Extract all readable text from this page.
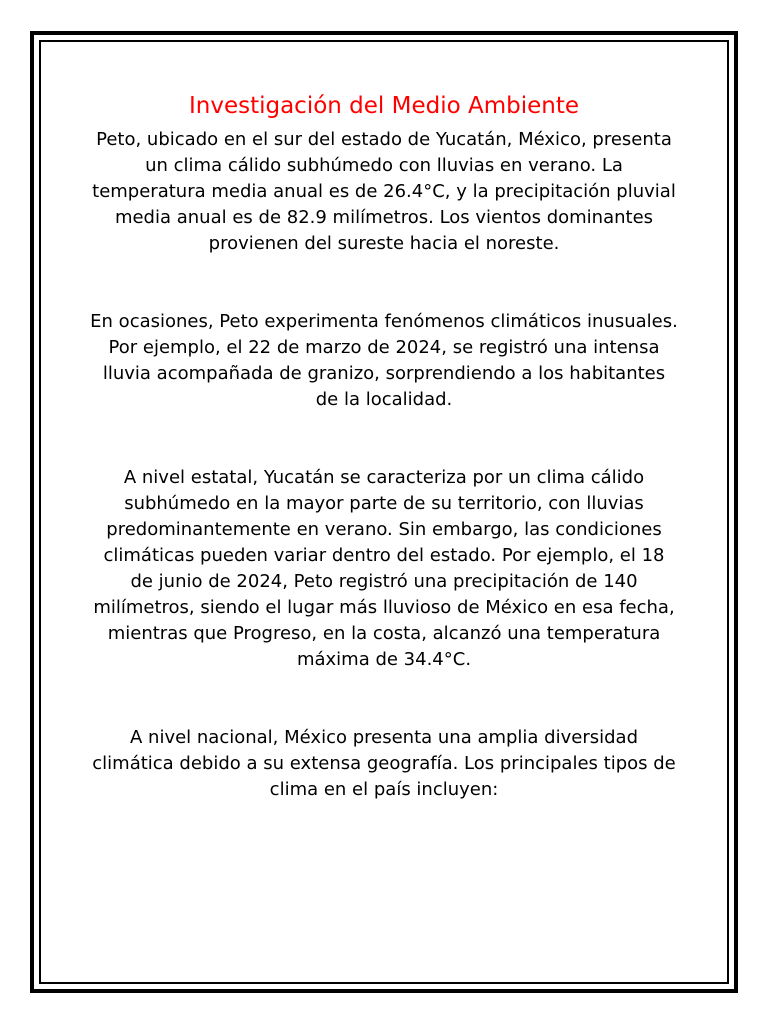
Investigación del Medio Ambiente

Peto, ubicado en el sur del estado de Yucatán, México, presenta un clima cálido subhúmedo con lluvias en verano. La temperatura media anual es de 26.4°C, y la precipitación pluvial media anual es de 82.9 milímetros. Los vientos dominantes provienen del sureste hacia el noreste.

En ocasiones, Peto experimenta fenómenos climáticos inusuales. Por ejemplo, el 22 de marzo de 2024, se registró una intensa lluvia acompañada de granizo, sorprendiendo a los habitantes de la localidad.

A nivel estatal, Yucatán se caracteriza por un clima cálido subhúmedo en la mayor parte de su territorio, con lluvias predominantemente en verano. Sin embargo, las condiciones climáticas pueden variar dentro del estado. Por ejemplo, el 18 de junio de 2024, Peto registró una precipitación de 140 milímetros, siendo el lugar más lluvioso de México en esa fecha, mientras que Progreso, en la costa, alcanzó una temperatura máxima de 34.4°C.

A nivel nacional, México presenta una amplia diversidad climática debido a su extensa geografía. Los principales tipos de clima en el país incluyen:
